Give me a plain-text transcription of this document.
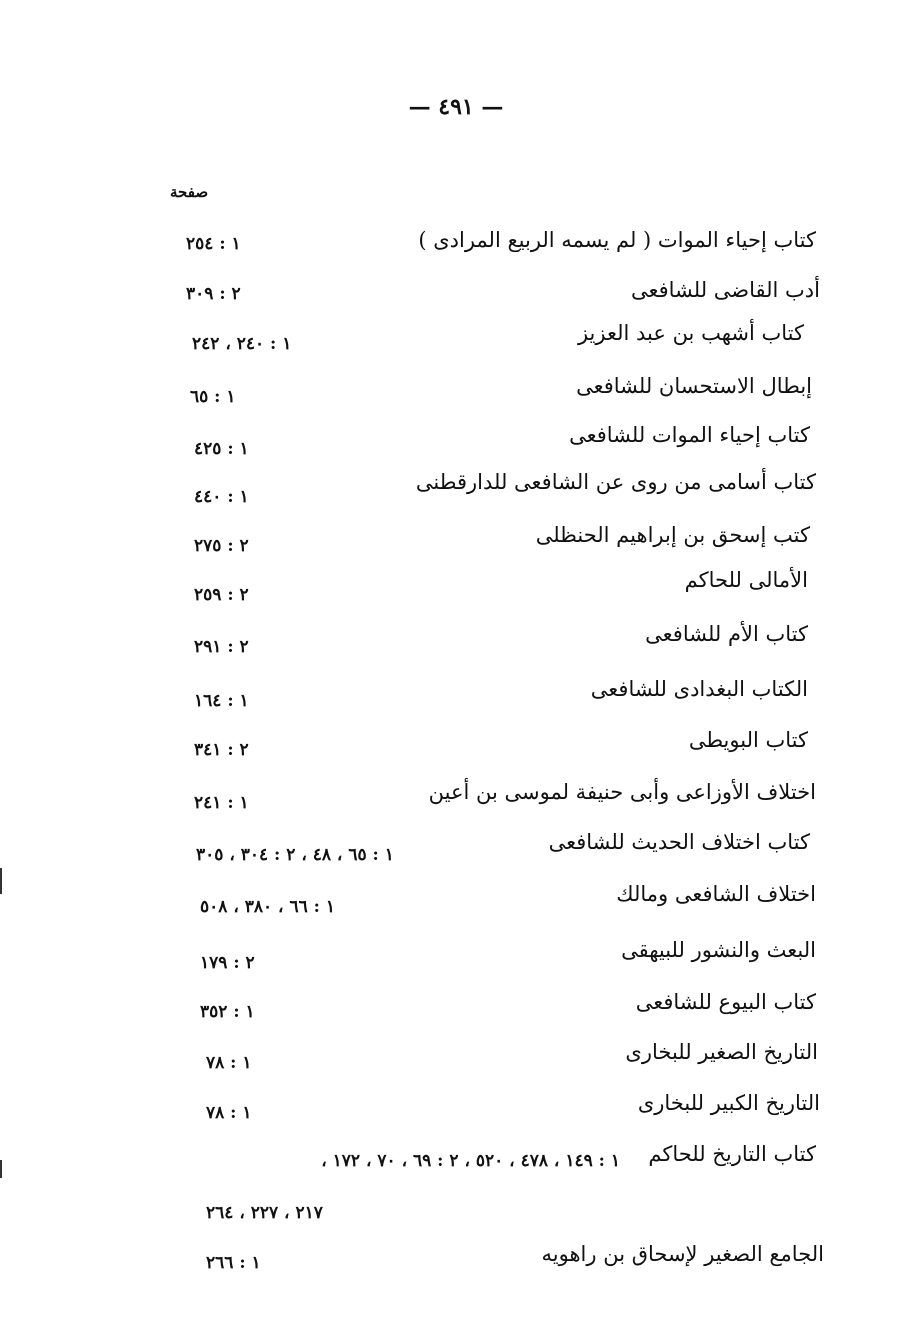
— ٤٩١ —
صفحة
كتاب إحياء الموات ( لم يسمه الربيع المرادى )
١ : ٢٥٤
أدب القاضى للشافعى
٢ : ٣٠٩
كتاب أشهب بن عبد العزيز
١ : ٢٤٠ ، ٢٤٢
إبطال الاستحسان للشافعى
١ : ٦٥
كتاب إحياء الموات للشافعى
١ : ٤٢٥
كتاب أسامى من روى عن الشافعى للدارقطنى
١ : ٤٤٠
كتب إسحق بن إبراهيم الحنظلى
٢ : ٢٧٥
الأمالى للحاكم
٢ : ٢٥٩
كتاب الأم للشافعى
٢ : ٢٩١
الكتاب البغدادى للشافعى
١ : ١٦٤
كتاب البويطى
٢ : ٣٤١
اختلاف الأوزاعى وأبى حنيفة لموسى بن أعين
١ : ٢٤١
كتاب اختلاف الحديث للشافعى
١ : ٦٥ ، ٤٨ ، ٢ : ٣٠٤ ، ٣٠٥
اختلاف الشافعى ومالك
١ : ٦٦ ، ٣٨٠ ، ٥٠٨
البعث والنشور للبيهقى
٢ : ١٧٩
كتاب البيوع للشافعى
١ : ٣٥٢
التاريخ الصغير للبخارى
١ : ٧٨
التاريخ الكبير للبخارى
١ : ٧٨
كتاب التاريخ للحاكم
١ : ١٤٩ ، ٤٧٨ ، ٥٢٠ ، ٢ : ٦٩ ، ٧٠ ، ١٧٢ ،
٢١٧ ، ٢٢٧ ، ٢٦٤
الجامع الصغير لإسحاق بن راهويه
١ : ٢٦٦
